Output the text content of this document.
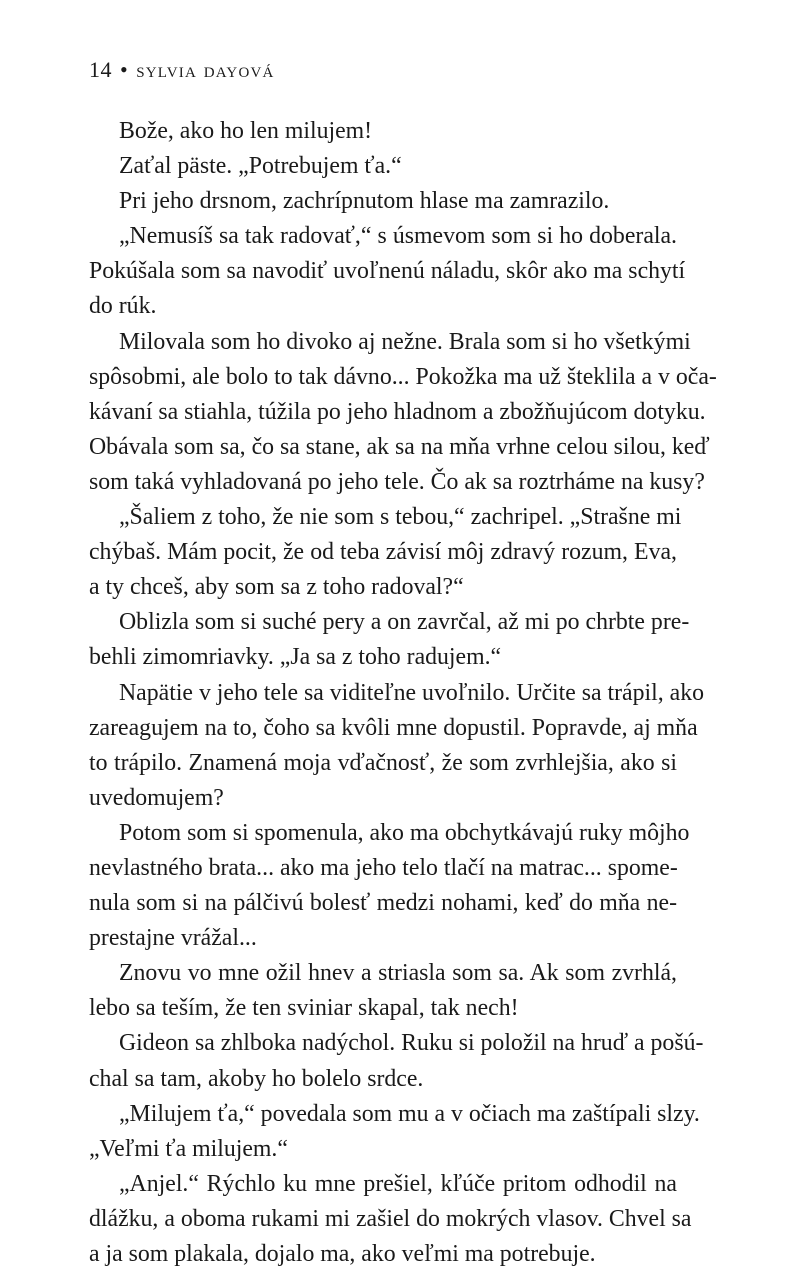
14 • sylvia dayová
Bože, ako ho len milujem!
Zaťal päste. „Potrebujem ťa.“
Pri jeho drsnom, zachrípnutom hlase ma zamrazilo.
„Nemusíš sa tak radovať,“ s úsmevom som si ho doberala.
Pokúšala som sa navodiť uvoľnenú náladu, skôr ako ma schytí
do rúk.
Milovala som ho divoko aj nežne. Brala som si ho všetkými
spôsobmi, ale bolo to tak dávno... Pokožka ma už šteklila a v oča-
kávaní sa stiahla, túžila po jeho hladnom a zbožňujúcom dotyku.
Obávala som sa, čo sa stane, ak sa na mňa vrhne celou silou, keď
som taká vyhladovaná po jeho tele. Čo ak sa roztrháme na kusy?
„Šaliem z toho, že nie som s tebou,“ zachripel. „Strašne mi
chýbaš. Mám pocit, že od teba závisí môj zdravý rozum, Eva,
a ty chceš, aby som sa z toho radoval?“
Oblizla som si suché pery a on zavrčal, až mi po chrbte pre-
behli zimomriavky. „Ja sa z toho radujem.“
Napätie v jeho tele sa viditeľne uvoľnilo. Určite sa trápil, ako
zareagujem na to, čoho sa kvôli mne dopustil. Popravde, aj mňa
to trápilo. Znamená moja vďačnosť, že som zvrhlejšia, ako si
uvedomujem?
Potom som si spomenula, ako ma obchytkávajú ruky môjho
nevlastného brata... ako ma jeho telo tlačí na matrac... spome-
nula som si na pálčivú bolesť medzi nohami, keď do mňa ne-
prestajne vrážal...
Znovu vo mne ožil hnev a striasla som sa. Ak som zvrhlá,
lebo sa teším, že ten sviniar skapal, tak nech!
Gideon sa zhlboka nadýchol. Ruku si položil na hruď a pošú-
chal sa tam, akoby ho bolelo srdce.
„Milujem ťa,“ povedala som mu a v očiach ma zaštípali slzy.
„Veľmi ťa milujem.“
„Anjel.“ Rýchlo ku mne prešiel, kľúče pritom odhodil na
dlážku, a oboma rukami mi zašiel do mokrých vlasov. Chvel sa
a ja som plakala, dojalo ma, ako veľmi ma potrebuje.
